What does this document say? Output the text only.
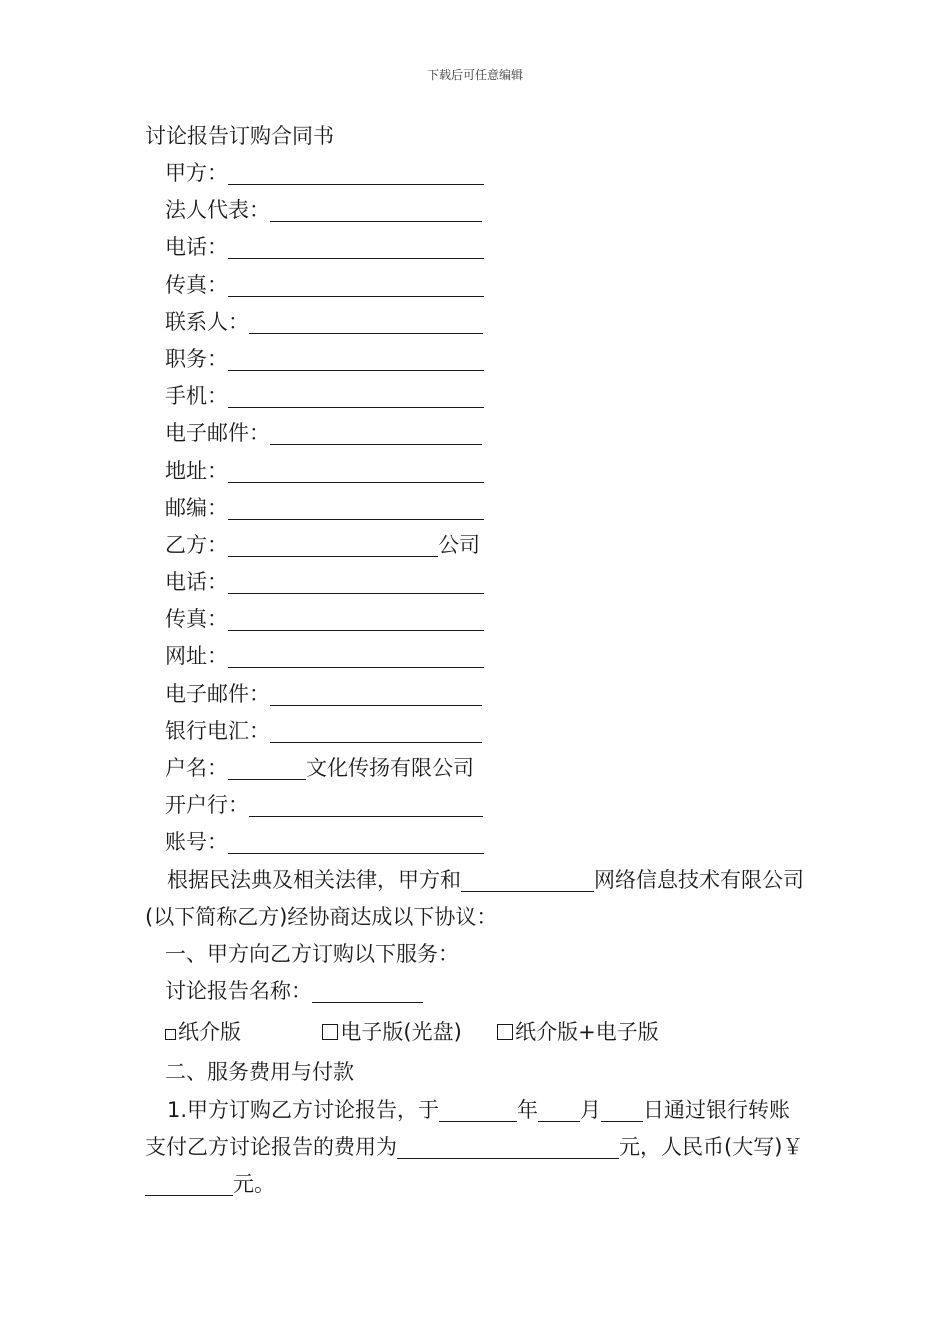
下载后可任意编辑
讨论报告订购合同书
甲方：
法人代表：
电话：
传真：
联系人：
职务：
手机：
电子邮件：
地址：
邮编：
乙方：	公司
电话：
传真：
网址：
电子邮件：
银行电汇：
户名：	文化传扬有限公司
开户行：
账号：
根据民法典及相关法律，甲方和	网络信息技术有限公司(以下简称乙方)经协商达成以下协议：
一、甲方向乙方订购以下服务：
讨论报告名称：
纸介版	电子版(光盘)	纸介版+电子版
二、服务费用与付款
1.甲方订购乙方讨论报告，于	年 月 日通过银行转账支付乙方讨论报告的费用为	元，人民币(大写)￥元。
